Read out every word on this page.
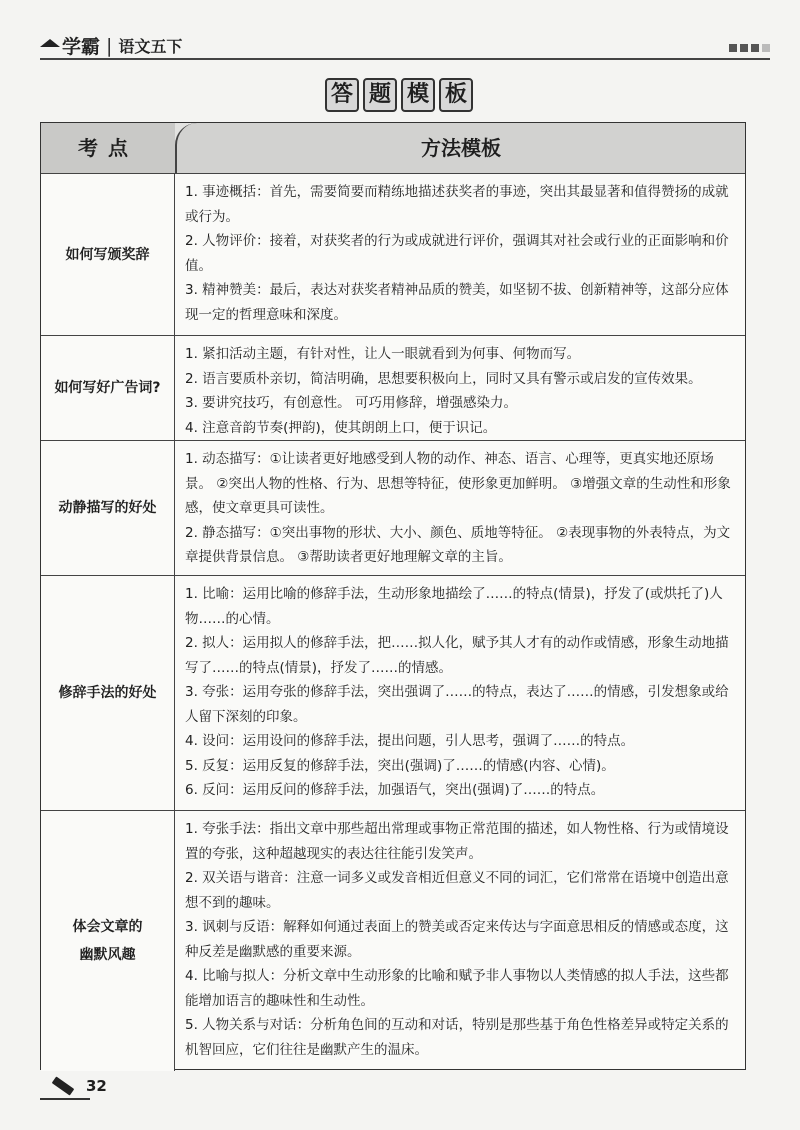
学霸 | 语文五下
答 题 模 板
考点	方法模板
如何写颁奖辞

1. 事迹概括：首先，需要简要而精练地描述获奖者的事迹，突出其最显著和值得赞扬的成就或行为。

2. 人物评价：接着，对获奖者的行为或成就进行评价，强调其对社会或行业的正面影响和价值。

3. 精神赞美：最后，表达对获奖者精神品质的赞美，如坚韧不拔、创新精神等，这部分应体现一定的哲理意味和深度。

如何写好广告词?

1. 紧扣活动主题，有针对性，让人一眼就看到为何事、何物而写。

2. 语言要质朴亲切，简洁明确，思想要积极向上，同时又具有警示或启发的宣传效果。

3. 要讲究技巧，有创意性。 可巧用修辞，增强感染力。

4. 注意音韵节奏(押韵)，使其朗朗上口，便于识记。

动静描写的好处

1. 动态描写：①让读者更好地感受到人物的动作、神态、语言、心理等，更真实地还原场景。 ②突出人物的性格、行为、思想等特征，使形象更加鲜明。 ③增强文章的生动性和形象感，使文章更具可读性。

2. 静态描写：①突出事物的形状、大小、颜色、质地等特征。 ②表现事物的外表特点，为文章提供背景信息。 ③帮助读者更好地理解文章的主旨。

修辞手法的好处

1. 比喻：运用比喻的修辞手法，生动形象地描绘了……的特点(情景)，抒发了(或烘托了)人物……的心情。

2. 拟人：运用拟人的修辞手法，把……拟人化，赋予其人才有的动作或情感，形象生动地描写了……的特点(情景)，抒发了……的情感。

3. 夸张：运用夸张的修辞手法，突出强调了……的特点，表达了……的情感，引发想象或给人留下深刻的印象。

4. 设问：运用设问的修辞手法，提出问题，引人思考，强调了……的特点。

5. 反复：运用反复的修辞手法，突出(强调)了……的情感(内容、心情)。

6. 反问：运用反问的修辞手法，加强语气，突出(强调)了……的特点。

体会文章的
幽默风趣

1. 夸张手法：指出文章中那些超出常理或事物正常范围的描述，如人物性格、行为或情境设置的夸张，这种超越现实的表达往往能引发笑声。

2. 双关语与谐音：注意一词多义或发音相近但意义不同的词汇，它们常常在语境中创造出意想不到的趣味。

3. 讽刺与反语：解释如何通过表面上的赞美或否定来传达与字面意思相反的情感或态度，这种反差是幽默感的重要来源。

4. 比喻与拟人：分析文章中生动形象的比喻和赋予非人事物以人类情感的拟人手法，这些都能增加语言的趣味性和生动性。

5. 人物关系与对话：分析角色间的互动和对话，特别是那些基于角色性格差异或特定关系的机智回应，它们往往是幽默产生的温床。

32
